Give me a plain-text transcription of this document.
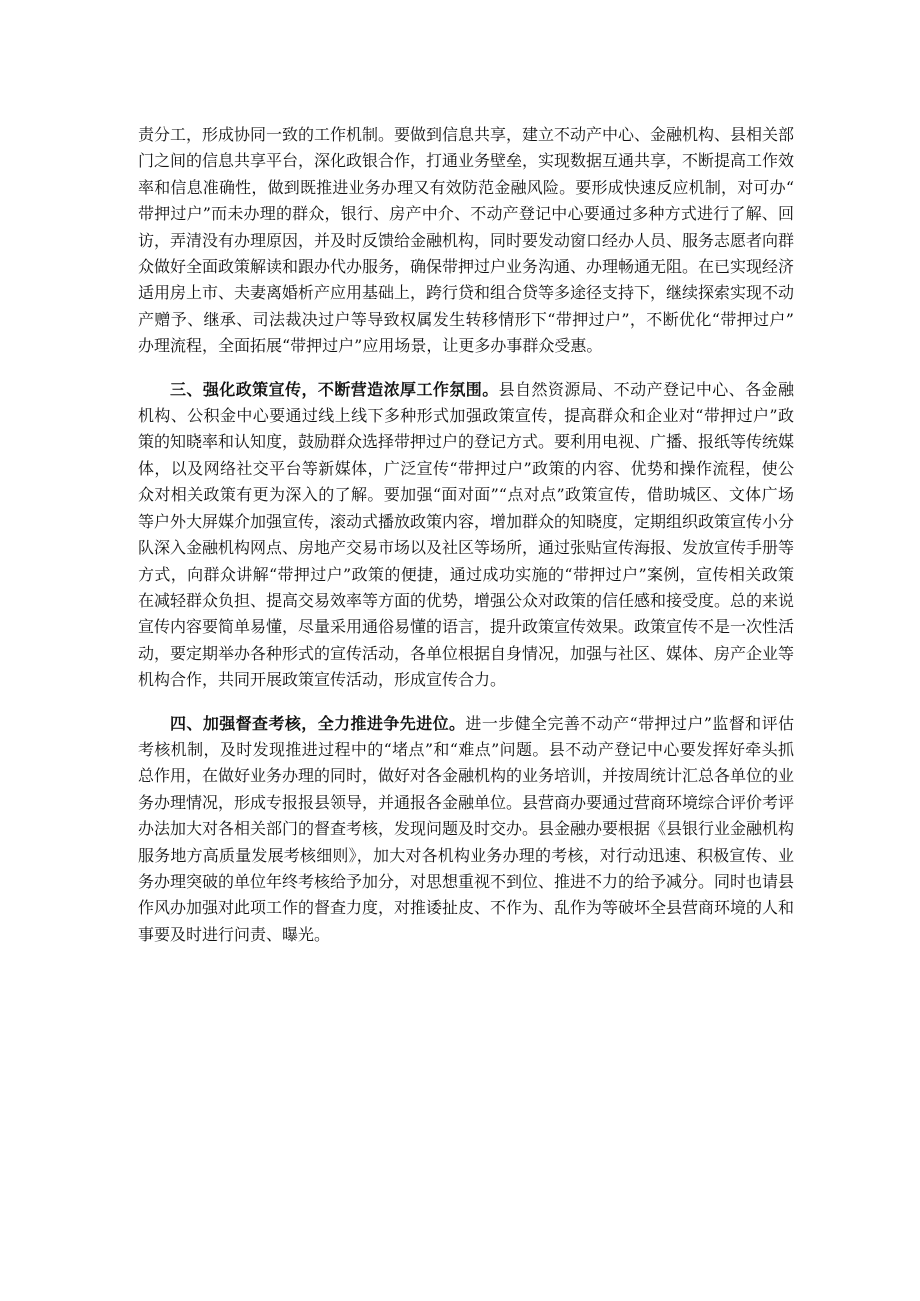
责分工，形成协同一致的工作机制。要做到信息共享，建立不动产中心、金融机构、县相关部门之间的信息共享平台，深化政银合作，打通业务壁垒，实现数据互通共享，不断提高工作效率和信息准确性，做到既推进业务办理又有效防范金融风险。要形成快速反应机制，对可办“带押过户”而未办理的群众，银行、房产中介、不动产登记中心要通过多种方式进行了解、回访，弄清没有办理原因，并及时反馈给金融机构，同时要发动窗口经办人员、服务志愿者向群众做好全面政策解读和跟办代办服务，确保带押过户业务沟通、办理畅通无阻。在已实现经济适用房上市、夫妻离婚析产应用基础上，跨行贷和组合贷等多途径支持下，继续探索实现不动产赠予、继承、司法裁决过户等导致权属发生转移情形下“带押过户”，不断优化“带押过户”办理流程，全面拓展“带押过户”应用场景，让更多办事群众受惠。

三、强化政策宣传，不断营造浓厚工作氛围。县自然资源局、不动产登记中心、各金融机构、公积金中心要通过线上线下多种形式加强政策宣传，提高群众和企业对“带押过户”政策的知晓率和认知度，鼓励群众选择带押过户的登记方式。要利用电视、广播、报纸等传统媒体，以及网络社交平台等新媒体，广泛宣传“带押过户”政策的内容、优势和操作流程，使公众对相关政策有更为深入的了解。要加强“面对面”“点对点”政策宣传，借助城区、文体广场等户外大屏媒介加强宣传，滚动式播放政策内容，增加群众的知晓度，定期组织政策宣传小分队深入金融机构网点、房地产交易市场以及社区等场所，通过张贴宣传海报、发放宣传手册等方式，向群众讲解“带押过户”政策的便捷，通过成功实施的“带押过户”案例，宣传相关政策在减轻群众负担、提高交易效率等方面的优势，增强公众对政策的信任感和接受度。总的来说宣传内容要简单易懂，尽量采用通俗易懂的语言，提升政策宣传效果。政策宣传不是一次性活动，要定期举办各种形式的宣传活动，各单位根据自身情况，加强与社区、媒体、房产企业等机构合作，共同开展政策宣传活动，形成宣传合力。

四、加强督查考核，全力推进争先进位。进一步健全完善不动产“带押过户”监督和评估考核机制，及时发现推进过程中的“堵点”和“难点”问题。县不动产登记中心要发挥好牵头抓总作用，在做好业务办理的同时，做好对各金融机构的业务培训，并按周统计汇总各单位的业务办理情况，形成专报报县领导，并通报各金融单位。县营商办要通过营商环境综合评价考评办法加大对各相关部门的督查考核，发现问题及时交办。县金融办要根据《县银行业金融机构服务地方高质量发展考核细则》，加大对各机构业务办理的考核，对行动迅速、积极宣传、业务办理突破的单位年终考核给予加分，对思想重视不到位、推进不力的给予减分。同时也请县作风办加强对此项工作的督查力度，对推诿扯皮、不作为、乱作为等破坏全县营商环境的人和事要及时进行问责、曝光。
